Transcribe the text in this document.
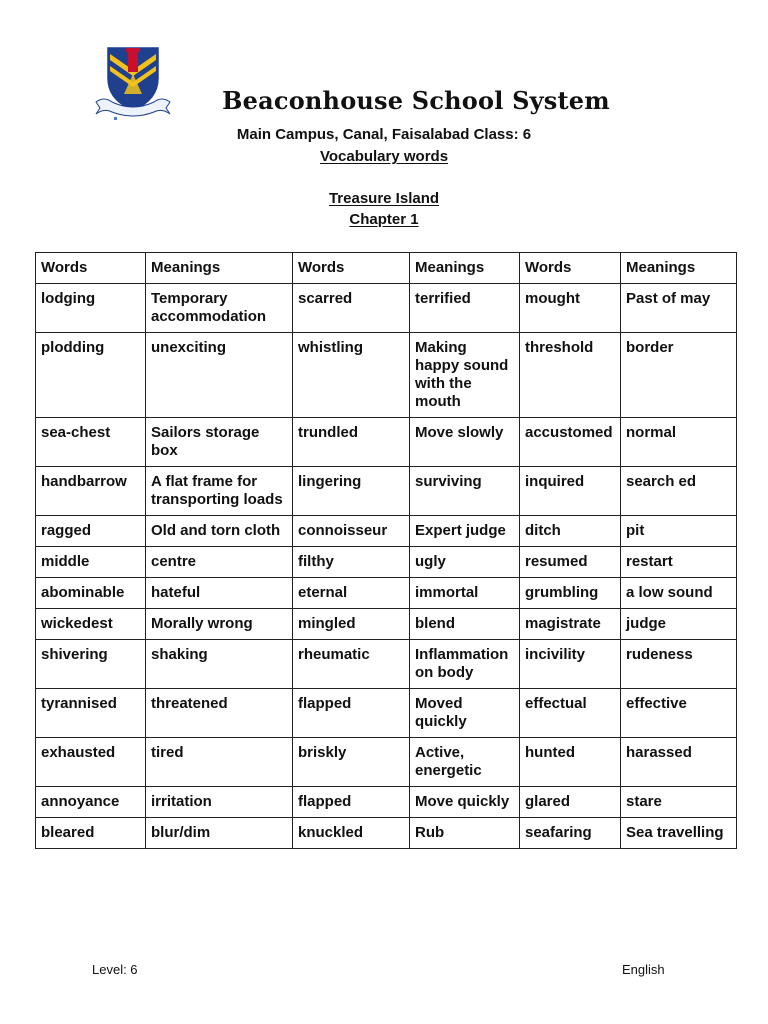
Beaconhouse School System
Main Campus, Canal, Faisalabad Class: 6
Vocabulary words
Treasure Island
Chapter 1
Words	Meanings	Words	Meanings	Words	Meanings
lodging	Temporary accommodation	scarred	terrified	mought	Past of may
plodding	unexciting	whistling	Making happy sound with the mouth	threshold	border
sea-chest	Sailors storage box	trundled	Move slowly	accustomed	normal
handbarrow	A flat frame for transporting loads	lingering	surviving	inquired	search ed
ragged	Old and torn cloth	connoisseur	Expert judge	ditch	pit
middle	centre	filthy	ugly	resumed	restart
abominable	hateful	eternal	immortal	grumbling	a low sound
wickedest	Morally wrong	mingled	blend	magistrate	judge
shivering	shaking	rheumatic	Inflammation on body	incivility	rudeness
tyrannised	threatened	flapped	Moved quickly	effectual	effective
exhausted	tired	briskly	Active, energetic	hunted	harassed
annoyance	irritation	flapped	Move quickly	glared	stare
bleared	blur/dim	knuckled	Rub	seafaring	Sea travelling
Level: 6	English
